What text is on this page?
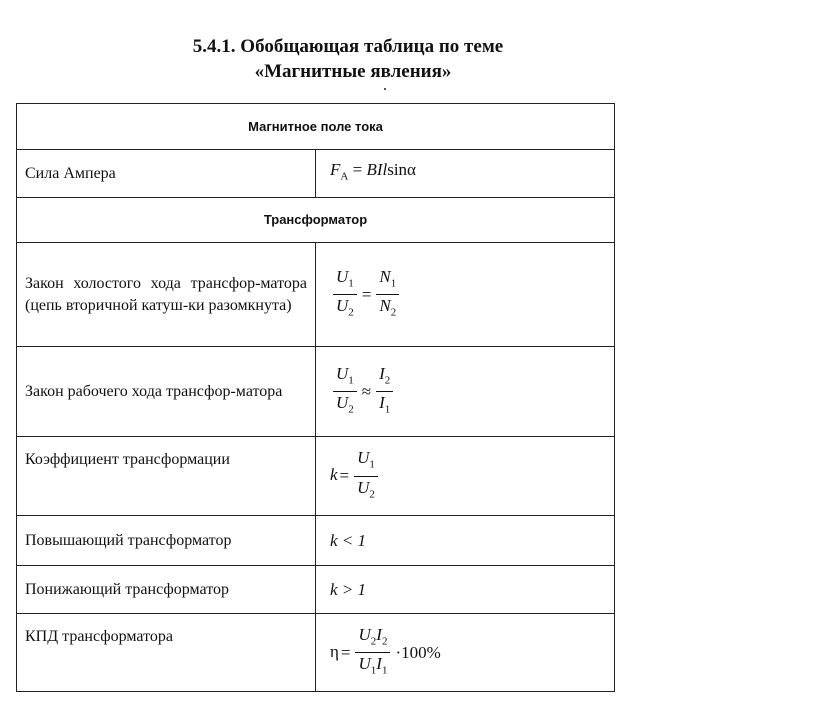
5.4.1. Обобщающая таблица по теме
«Магнитные явления»
Магнитное поле тока	
Сила Ампера	$F_A = BIlsin\alpha$
Трансформатор	
Закон холостого хода трансфор-матора (цепь вторичной катуш-ки разомкнута)	$\frac{U_1}{U_2} = \frac{N_1}{N_2}$

Закон рабочего хода трансфор-матора	$\frac{U_1}{U_2} \approx \frac{I_2}{I_1}$

Коэффициент трансформации	$k = \frac{U_1}{U_2}$

Повышающий трансформатор	k < 1
Понижающий трансформатор	k > 1
КПД трансформатора	$\eta = \frac{U_2I_2}{U_1I_1} \cdot 100\%$
